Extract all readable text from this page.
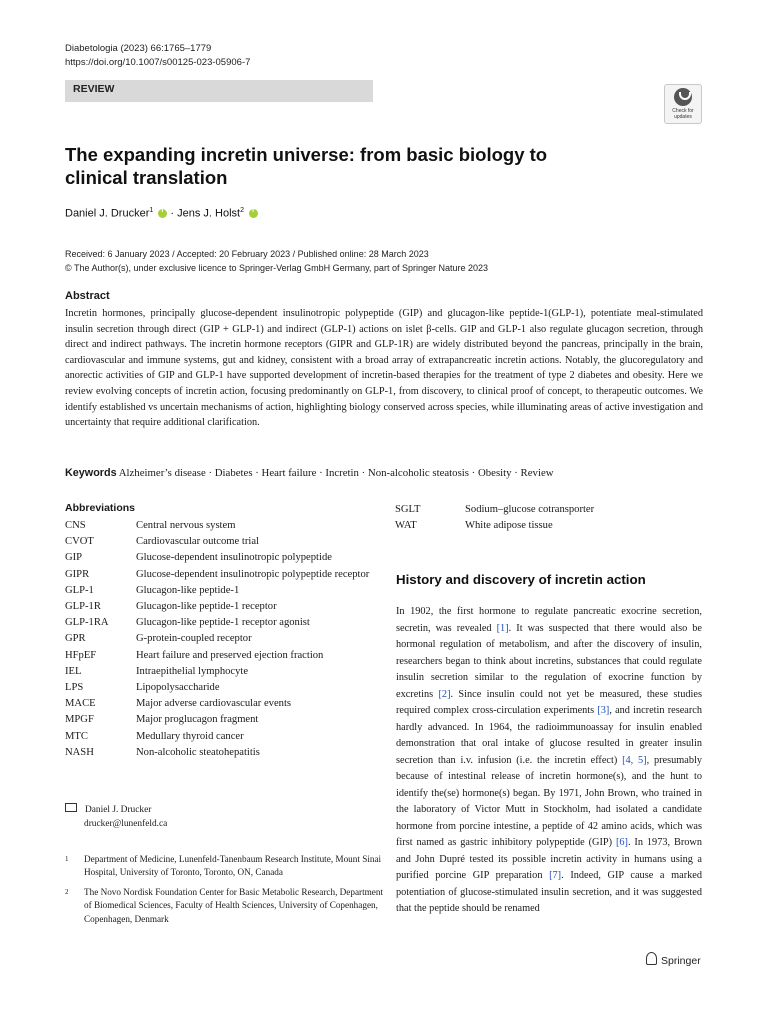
Diabetologia (2023) 66:1765–1779
https://doi.org/10.1007/s00125-023-05906-7
REVIEW
Check for updates
The expanding incretin universe: from basic biology to clinical translation
Daniel J. Drucker$^1$ i · Jens J. Holst$^2$ i
Received: 6 January 2023 / Accepted: 20 February 2023 / Published online: 28 March 2023
© The Author(s), under exclusive licence to Springer-Verlag GmbH Germany, part of Springer Nature 2023
Abstract
Incretin hormones, principally glucose-dependent insulinotropic polypeptide (GIP) and glucagon-like peptide-1(GLP-1), potentiate meal-stimulated insulin secretion through direct (GIP + GLP-1) and indirect (GLP-1) actions on islet β-cells. GIP and GLP-1 also regulate glucagon secretion, through direct and indirect pathways. The incretin hormone receptors (GIPR and GLP-1R) are widely distributed beyond the pancreas, principally in the brain, cardiovascular and immune systems, gut and kidney, consistent with a broad array of extrapancreatic incretin actions. Notably, the glucoregulatory and anorectic activities of GIP and GLP-1 have supported development of incretin-based therapies for the treatment of type 2 diabetes and obesity. Here we review evolving concepts of incretin action, focusing predominantly on GLP-1, from discovery, to clinical proof of concept, to therapeutic outcomes. We identify established vs uncertain mechanisms of action, highlighting biology conserved across species, while illuminating areas of active investigation and uncertainty that require additional clarification.
Keywords Alzheimer’s disease · Diabetes · Heart failure · Incretin · Non-alcoholic steatosis · Obesity · Review
Abbreviations
CNS	Central nervous system
CVOT	Cardiovascular outcome trial
GIP	Glucose-dependent insulinotropic polypeptide
GIPR	Glucose-dependent insulinotropic polypeptide receptor
GLP-1	Glucagon-like peptide-1
GLP-1R	Glucagon-like peptide-1 receptor
GLP-1RA	Glucagon-like peptide-1 receptor agonist
GPR	G-protein-coupled receptor
HFpEF	Heart failure and preserved ejection fraction
IEL	Intraepithelial lymphocyte
LPS	Lipopolysaccharide
MACE	Major adverse cardiovascular events
MPGF	Major proglucagon fragment
MTC	Medullary thyroid cancer
NASH	Non-alcoholic steatohepatitis
SGLT	Sodium–glucose cotransporter
WAT	White adipose tissue
Daniel J. Drucker
drucker@lunenfeld.ca
1	Department of Medicine, Lunenfeld-Tanenbaum Research Institute, Mount Sinai Hospital, University of Toronto, Toronto, ON, Canada
2	The Novo Nordisk Foundation Center for Basic Metabolic Research, Department of Biomedical Sciences, Faculty of Health Sciences, University of Copenhagen, Copenhagen, Denmark
History and discovery of incretin action
In 1902, the first hormone to regulate pancreatic exocrine secretion, secretin, was revealed [1]. It was suspected that there would also be hormonal regulation of metabolism, and after the discovery of insulin, researchers began to think about incretins, substances that could regulate insulin secretion similar to the regulation of exocrine function by excretins [2]. Since insulin could not yet be measured, these studies required complex cross-circulation experiments [3], and incretin research hardly advanced. In 1964, the radioimmunoassay for insulin enabled demonstration that oral intake of glucose resulted in greater insulin secretion than i.v. infusion (i.e. the incretin effect) [4, 5], presumably because of intestinal release of incretin hormone(s), and the hunt to identify the(se) hormone(s) began. By 1971, John Brown, who trained in the laboratory of Victor Mutt in Stockholm, had isolated a candidate hormone from porcine intestine, a peptide of 42 amino acids, which was first named as gastric inhibitory polypeptide (GIP) [6]. In 1973, Brown and John Dupré tested its possible incretin activity in humans using a purified porcine GIP preparation [7]. Indeed, GIP cause a marked potentiation of glucose-stimulated insulin secretion, and it was suggested that the peptide should be renamed
Springer
